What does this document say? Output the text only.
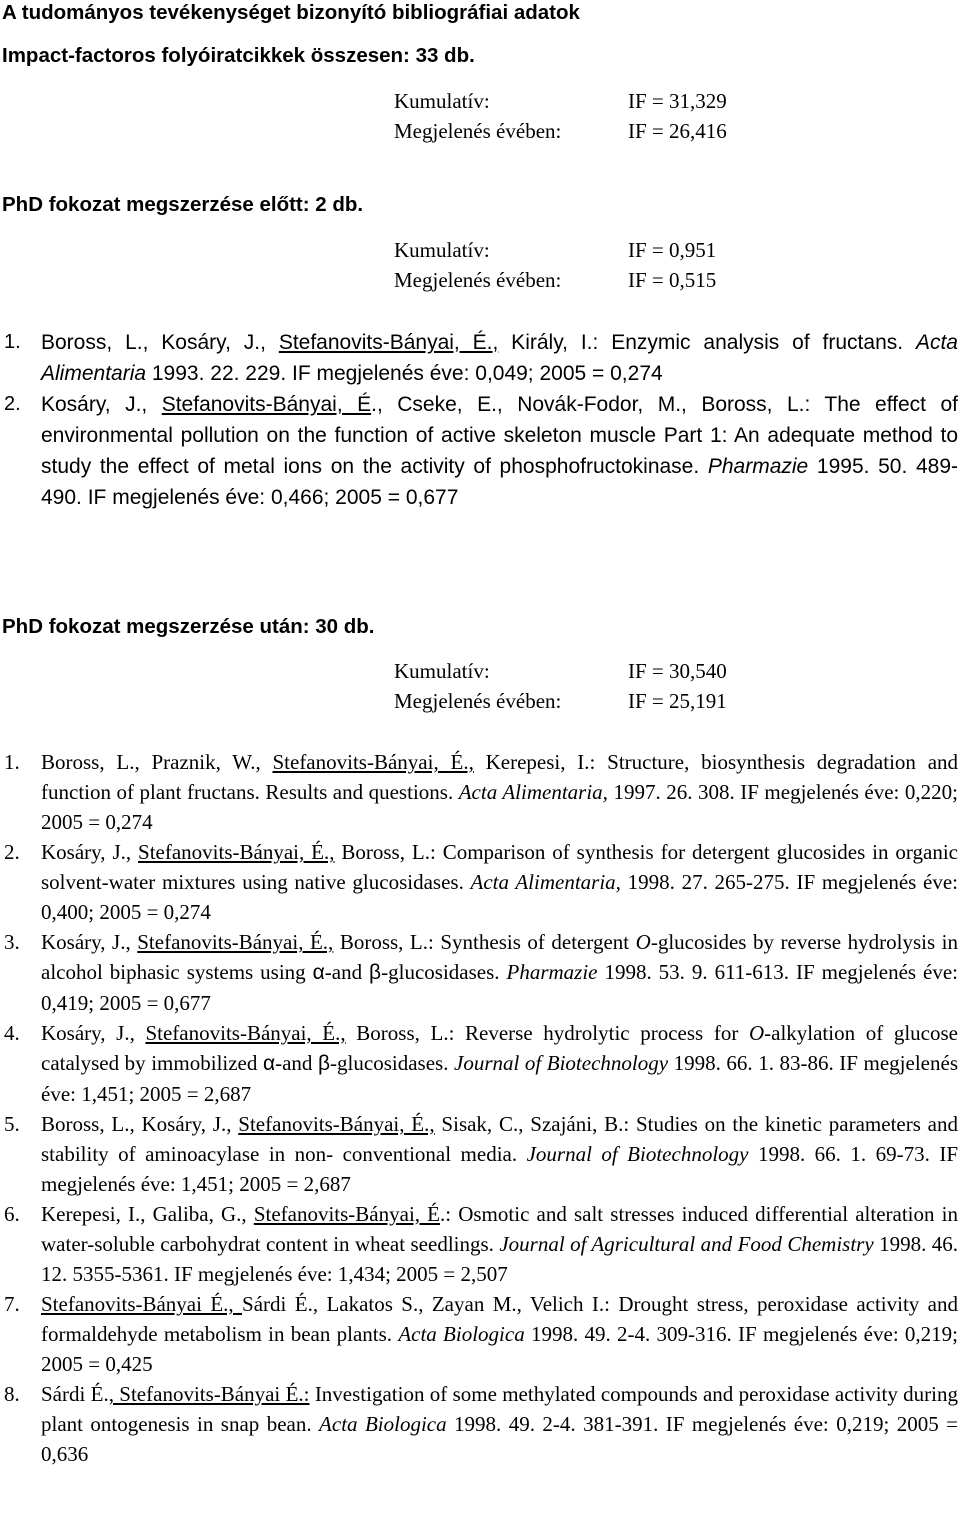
A tudományos tevékenységet bizonyító bibliográfiai adatok
Impact-factoros folyóiratcikkek összesen: 33 db.
Kumulatív:	IF = 31,329
Megjelenés évében:	IF = 26,416
PhD fokozat megszerzése előtt: 2 db.
Kumulatív:	IF = 0,951
Megjelenés évében:	IF = 0,515
1. Boross, L., Kosáry, J., Stefanovits-Bányai, É., Király, I.: Enzymic analysis of fructans. Acta Alimentaria 1993. 22. 229. IF megjelenés éve: 0,049; 2005 = 0,274
2. Kosáry, J., Stefanovits-Bányai, É., Cseke, E., Novák-Fodor, M., Boross, L.: The effect of environmental pollution on the function of active skeleton muscle Part 1: An adequate method to study the effect of metal ions on the activity of phosphofructokinase. Pharmazie 1995. 50. 489-490. IF megjelenés éve: 0,466; 2005 = 0,677
PhD fokozat megszerzése után: 30 db.
Kumulatív:	IF = 30,540
Megjelenés évében:	IF = 25,191
1. Boross, L., Praznik, W., Stefanovits-Bányai, É., Kerepesi, I.: Structure, biosynthesis degradation and function of plant fructans. Results and questions. Acta Alimentaria, 1997. 26. 308. IF megjelenés éve: 0,220; 2005 = 0,274
2. Kosáry, J., Stefanovits-Bányai, É., Boross, L.: Comparison of synthesis for detergent glucosides in organic solvent-water mixtures using native glucosidases. Acta Alimentaria, 1998. 27. 265-275. IF megjelenés éve: 0,400; 2005 = 0,274
3. Kosáry, J., Stefanovits-Bányai, É., Boross, L.: Synthesis of detergent O-glucosides by reverse hydrolysis in alcohol biphasic systems using α-and β-glucosidases. Pharmazie 1998. 53. 9. 611-613. IF megjelenés éve: 0,419; 2005 = 0,677
4. Kosáry, J., Stefanovits-Bányai, É., Boross, L.: Reverse hydrolytic process for O-alkylation of glucose catalysed by immobilized α-and β-glucosidases. Journal of Biotechnology 1998. 66. 1. 83-86. IF megjelenés éve: 1,451; 2005 = 2,687
5. Boross, L., Kosáry, J., Stefanovits-Bányai, É., Sisak, C., Szajáni, B.: Studies on the kinetic parameters and stability of aminoacylase in non- conventional media. Journal of Biotechnology 1998. 66. 1. 69-73. IF megjelenés éve: 1,451; 2005 = 2,687
6. Kerepesi, I., Galiba, G., Stefanovits-Bányai, É.: Osmotic and salt stresses induced differential alteration in water-soluble carbohydrat content in wheat seedlings. Journal of Agricultural and Food Chemistry 1998. 46. 12. 5355-5361. IF megjelenés éve: 1,434; 2005 = 2,507
7. Stefanovits-Bányai É., Sárdi É., Lakatos S., Zayan M., Velich I.: Drought stress, peroxidase activity and formaldehyde metabolism in bean plants. Acta Biologica 1998. 49. 2-4. 309-316. IF megjelenés éve: 0,219; 2005 = 0,425
8. Sárdi É., Stefanovits-Bányai É.: Investigation of some methylated compounds and peroxidase activity during plant ontogenesis in snap bean. Acta Biologica 1998. 49. 2-4. 381-391. IF megjelenés éve: 0,219; 2005 = 0,636
